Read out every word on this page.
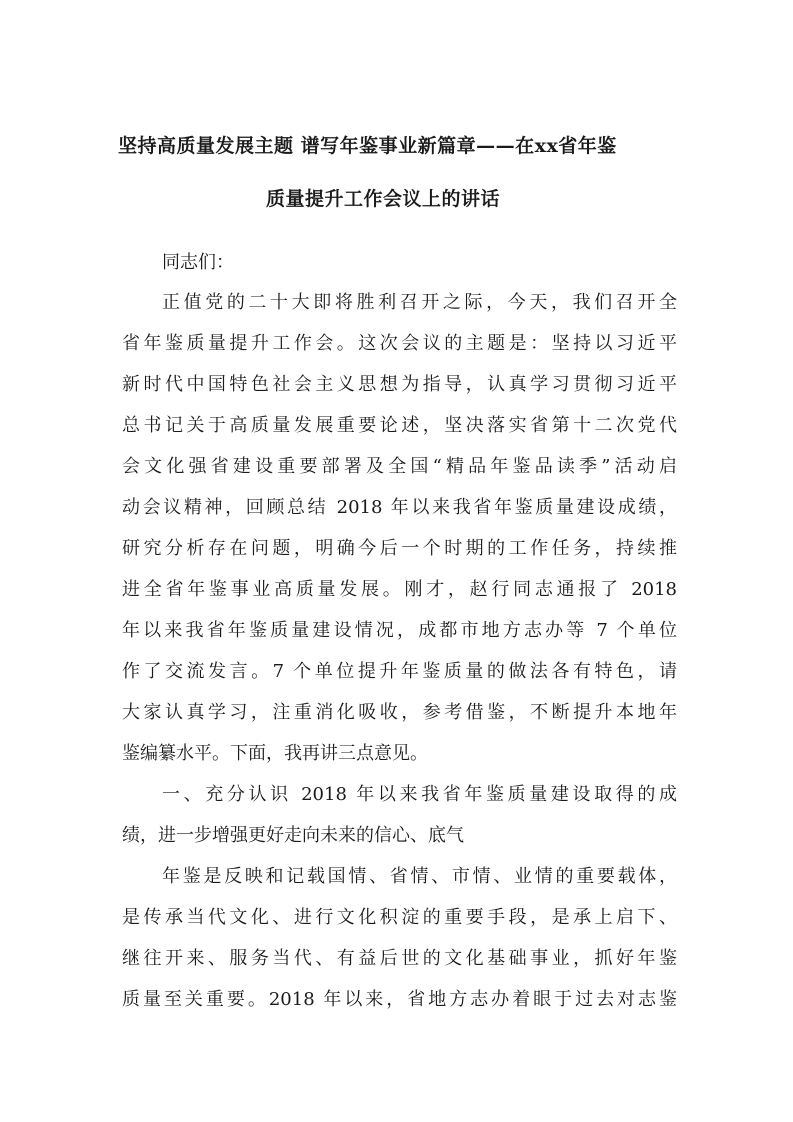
坚持高质量发展主题 谱写年鉴事业新篇章——在xx省年鉴
质量提升工作会议上的讲话
同志们：
正值党的二十大即将胜利召开之际，今天，我们召开全
省年鉴质量提升工作会。这次会议的主题是：坚持以习近平
新时代中国特色社会主义思想为指导，认真学习贯彻习近平
总书记关于高质量发展重要论述，坚决落实省第十二次党代
会文化强省建设重要部署及全国“精品年鉴品读季”活动启
动会议精神，回顾总结 2018 年以来我省年鉴质量建设成绩，
研究分析存在问题，明确今后一个时期的工作任务，持续推
进全省年鉴事业高质量发展。刚才，赵行同志通报了 2018
年以来我省年鉴质量建设情况，成都市地方志办等 7 个单位
作了交流发言。7 个单位提升年鉴质量的做法各有特色，请
大家认真学习，注重消化吸收，参考借鉴，不断提升本地年
鉴编纂水平。下面，我再讲三点意见。
一、充分认识 2018 年以来我省年鉴质量建设取得的成
绩，进一步增强更好走向未来的信心、底气
年鉴是反映和记载国情、省情、市情、业情的重要载体，
是传承当代文化、进行文化积淀的重要手段，是承上启下、
继往开来、服务当代、有益后世的文化基础事业，抓好年鉴
质量至关重要。2018 年以来，省地方志办着眼于过去对志鉴
